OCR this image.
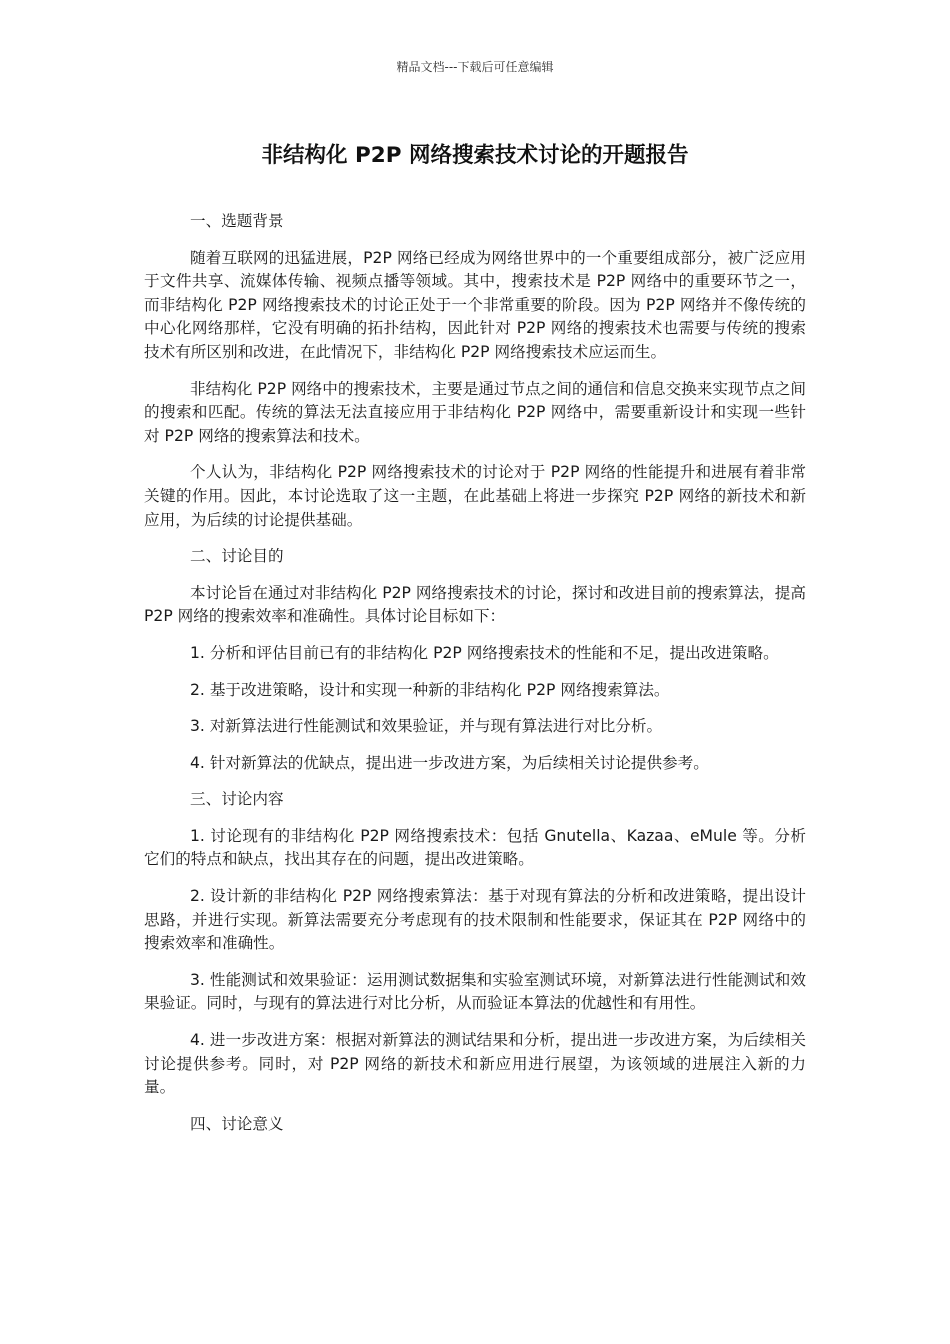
精品文档---下载后可任意编辑

非结构化 P2P 网络搜索技术讨论的开题报告

一、选题背景

随着互联网的迅猛进展，P2P 网络已经成为网络世界中的一个重要组成部分，被广泛应用于文件共享、流媒体传输、视频点播等领域。其中，搜索技术是 P2P 网络中的重要环节之一，而非结构化 P2P 网络搜索技术的讨论正处于一个非常重要的阶段。因为 P2P 网络并不像传统的中心化网络那样，它没有明确的拓扑结构，因此针对 P2P 网络的搜索技术也需要与传统的搜索技术有所区别和改进，在此情况下，非结构化 P2P 网络搜索技术应运而生。

非结构化 P2P 网络中的搜索技术，主要是通过节点之间的通信和信息交换来实现节点之间的搜索和匹配。传统的算法无法直接应用于非结构化 P2P 网络中，需要重新设计和实现一些针对 P2P 网络的搜索算法和技术。

个人认为，非结构化 P2P 网络搜索技术的讨论对于 P2P 网络的性能提升和进展有着非常关键的作用。因此，本讨论选取了这一主题，在此基础上将进一步探究 P2P 网络的新技术和新应用，为后续的讨论提供基础。

二、讨论目的

本讨论旨在通过对非结构化 P2P 网络搜索技术的讨论，探讨和改进目前的搜索算法，提高 P2P 网络的搜索效率和准确性。具体讨论目标如下：

1. 分析和评估目前已有的非结构化 P2P 网络搜索技术的性能和不足，提出改进策略。

2. 基于改进策略，设计和实现一种新的非结构化 P2P 网络搜索算法。

3. 对新算法进行性能测试和效果验证，并与现有算法进行对比分析。

4. 针对新算法的优缺点，提出进一步改进方案，为后续相关讨论提供参考。

三、讨论内容

1. 讨论现有的非结构化 P2P 网络搜索技术：包括 Gnutella、Kazaa、eMule 等。分析它们的特点和缺点，找出其存在的问题，提出改进策略。

2. 设计新的非结构化 P2P 网络搜索算法：基于对现有算法的分析和改进策略，提出设计思路，并进行实现。新算法需要充分考虑现有的技术限制和性能要求，保证其在 P2P 网络中的搜索效率和准确性。

3. 性能测试和效果验证：运用测试数据集和实验室测试环境，对新算法进行性能测试和效果验证。同时，与现有的算法进行对比分析，从而验证本算法的优越性和有用性。

4. 进一步改进方案：根据对新算法的测试结果和分析，提出进一步改进方案，为后续相关讨论提供参考。同时，对 P2P 网络的新技术和新应用进行展望，为该领域的进展注入新的力量。

四、讨论意义
